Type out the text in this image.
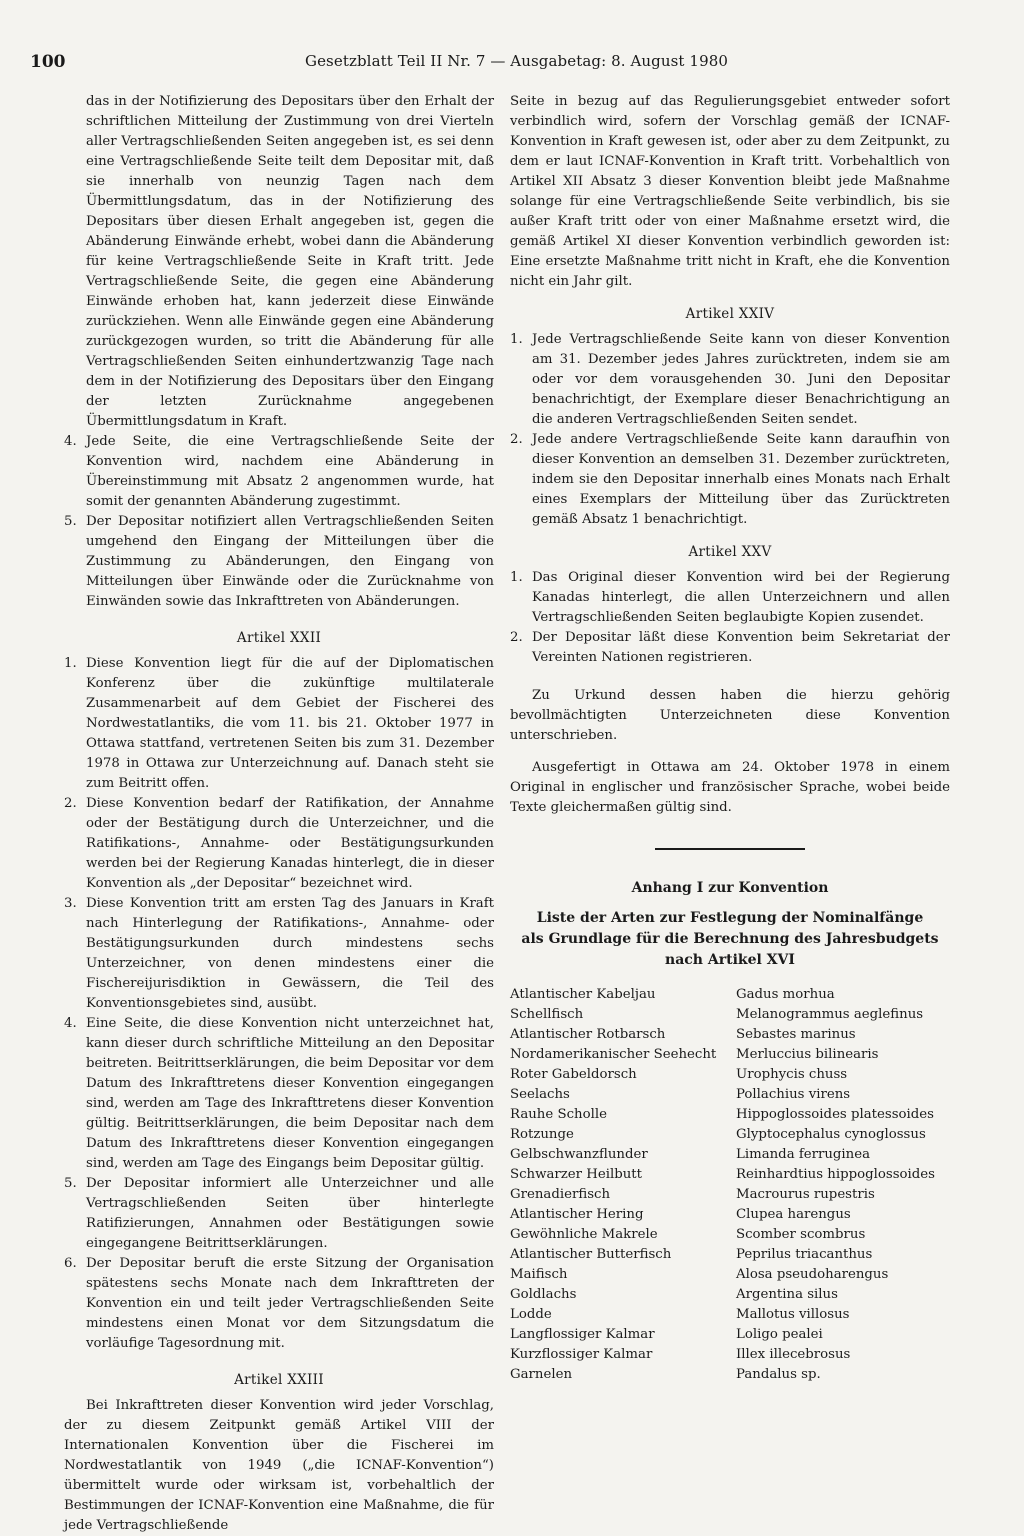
100	Gesetzblatt Teil II Nr. 7 — Ausgabetag: 8. August 1980

das in der Notifizierung des Depositars über den Erhalt der schriftlichen Mitteilung der Zustimmung von drei Vierteln aller Vertragschließenden Seiten angegeben ist, es sei denn eine Vertragschließende Seite teilt dem Depositar mit, daß sie innerhalb von neunzig Tagen nach dem Übermittlungsdatum, das in der Notifizierung des Depositars über diesen Erhalt angegeben ist, gegen die Abänderung Einwände erhebt, wobei dann die Abänderung für keine Vertragschließende Seite in Kraft tritt. Jede Vertragschließende Seite, die gegen eine Abänderung Einwände erhoben hat, kann jederzeit diese Einwände zurückziehen. Wenn alle Einwände gegen eine Abänderung zurückgezogen wurden, so tritt die Abänderung für alle Vertragschließenden Seiten einhundertzwanzig Tage nach dem in der Notifizierung des Depositars über den Eingang der letzten Zurücknahme angegebenen Übermittlungsdatum in Kraft.

4. Jede Seite, die eine Vertragschließende Seite der Konvention wird, nachdem eine Abänderung in Übereinstimmung mit Absatz 2 angenommen wurde, hat somit der genannten Abänderung zugestimmt.
5. Der Depositar notifiziert allen Vertragschließenden Seiten umgehend den Eingang der Mitteilungen über die Zustimmung zu Abänderungen, den Eingang von Mitteilungen über Einwände oder die Zurücknahme von Einwänden sowie das Inkrafttreten von Abänderungen.
Artikel XXII
1. Diese Konvention liegt für die auf der Diplomatischen Konferenz über die zukünftige multilaterale Zusammenarbeit auf dem Gebiet der Fischerei des Nordwestatlantiks, die vom 11. bis 21. Oktober 1977 in Ottawa stattfand, vertretenen Seiten bis zum 31. Dezember 1978 in Ottawa zur Unterzeichnung auf. Danach steht sie zum Beitritt offen.
2. Diese Konvention bedarf der Ratifikation, der Annahme oder der Bestätigung durch die Unterzeichner, und die Ratifikations-, Annahme- oder Bestätigungsurkunden werden bei der Regierung Kanadas hinterlegt, die in dieser Konvention als „der Depositar“ bezeichnet wird.
3. Diese Konvention tritt am ersten Tag des Januars in Kraft nach Hinterlegung der Ratifikations-, Annahme- oder Bestätigungsurkunden durch mindestens sechs Unterzeichner, von denen mindestens einer die Fischereijurisdiktion in Gewässern, die Teil des Konventionsgebietes sind, ausübt.
4. Eine Seite, die diese Konvention nicht unterzeichnet hat, kann dieser durch schriftliche Mitteilung an den Depositar beitreten. Beitrittserklärungen, die beim Depositar vor dem Datum des Inkrafttretens dieser Konvention eingegangen sind, werden am Tage des Inkrafttretens dieser Konvention gültig. Beitrittserklärungen, die beim Depositar nach dem Datum des Inkrafttretens dieser Konvention eingegangen sind, werden am Tage des Eingangs beim Depositar gültig.
5. Der Depositar informiert alle Unterzeichner und alle Vertragschließenden Seiten über hinterlegte Ratifizierungen, Annahmen oder Bestätigungen sowie eingegangene Beitrittserklärungen.
6. Der Depositar beruft die erste Sitzung der Organisation spätestens sechs Monate nach dem Inkrafttreten der Konvention ein und teilt jeder Vertragschließenden Seite mindestens einen Monat vor dem Sitzungsdatum die vorläufige Tagesordnung mit.
Artikel XXIII

Bei Inkrafttreten dieser Konvention wird jeder Vorschlag, der zu diesem Zeitpunkt gemäß Artikel VIII der Internationalen Konvention über die Fischerei im Nordwestatlantik von 1949 („die ICNAF-Konvention“) übermittelt wurde oder wirksam ist, vorbehaltlich der Bestimmungen der ICNAF-Konvention eine Maßnahme, die für jede Vertragschließende

Seite in bezug auf das Regulierungsgebiet entweder sofort verbindlich wird, sofern der Vorschlag gemäß der ICNAF-Konvention in Kraft gewesen ist, oder aber zu dem Zeitpunkt, zu dem er laut ICNAF-Konvention in Kraft tritt. Vorbehaltlich von Artikel XII Absatz 3 dieser Konvention bleibt jede Maßnahme solange für eine Vertragschließende Seite verbindlich, bis sie außer Kraft tritt oder von einer Maßnahme ersetzt wird, die gemäß Artikel XI dieser Konvention verbindlich geworden ist: Eine ersetzte Maßnahme tritt nicht in Kraft, ehe die Konvention nicht ein Jahr gilt.

Artikel XXIV
1. Jede Vertragschließende Seite kann von dieser Konvention am 31. Dezember jedes Jahres zurücktreten, indem sie am oder vor dem vorausgehenden 30. Juni den Depositar benachrichtigt, der Exemplare dieser Benachrichtigung an die anderen Vertragschließenden Seiten sendet.
2. Jede andere Vertragschließende Seite kann daraufhin von dieser Konvention an demselben 31. Dezember zurücktreten, indem sie den Depositar innerhalb eines Monats nach Erhalt eines Exemplars der Mitteilung über das Zurücktreten gemäß Absatz 1 benachrichtigt.
Artikel XXV
1. Das Original dieser Konvention wird bei der Regierung Kanadas hinterlegt, die allen Unterzeichnern und allen Vertragschließenden Seiten beglaubigte Kopien zusendet.
2. Der Depositar läßt diese Konvention beim Sekretariat der Vereinten Nationen registrieren.

Zu Urkund dessen haben die hierzu gehörig bevollmächtigten Unterzeichneten diese Konvention unterschrieben.

Ausgefertigt in Ottawa am 24. Oktober 1978 in einem Original in englischer und französischer Sprache, wobei beide Texte gleichermaßen gültig sind.

Anhang I zur Konvention
Liste der Arten zur Festlegung der Nominalfänge
als Grundlage für die Berechnung des Jahresbudgets
nach Artikel XVI
Atlantischer Kabeljau
Schellfisch
Atlantischer Rotbarsch
Nordamerikanischer Seehecht
Roter Gabeldorsch
Seelachs
Rauhe Scholle
Rotzunge
Gelbschwanzflunder
Schwarzer Heilbutt
Grenadierfisch
Atlantischer Hering
Gewöhnliche Makrele
Atlantischer Butterfisch
Maifisch
Goldlachs
Lodde
Langflossiger Kalmar
Kurzflossiger Kalmar
Garnelen
Gadus morhua
Melanogrammus aeglefinus
Sebastes marinus
Merluccius bilinearis
Urophycis chuss
Pollachius virens
Hippoglossoides platessoides
Glyptocephalus cynoglossus
Limanda ferruginea
Reinhardtius hippoglossoides
Macrourus rupestris
Clupea harengus
Scomber scombrus
Peprilus triacanthus
Alosa pseudoharengus
Argentina silus
Mallotus villosus
Loligo pealei
Illex illecebrosus
Pandalus sp.
